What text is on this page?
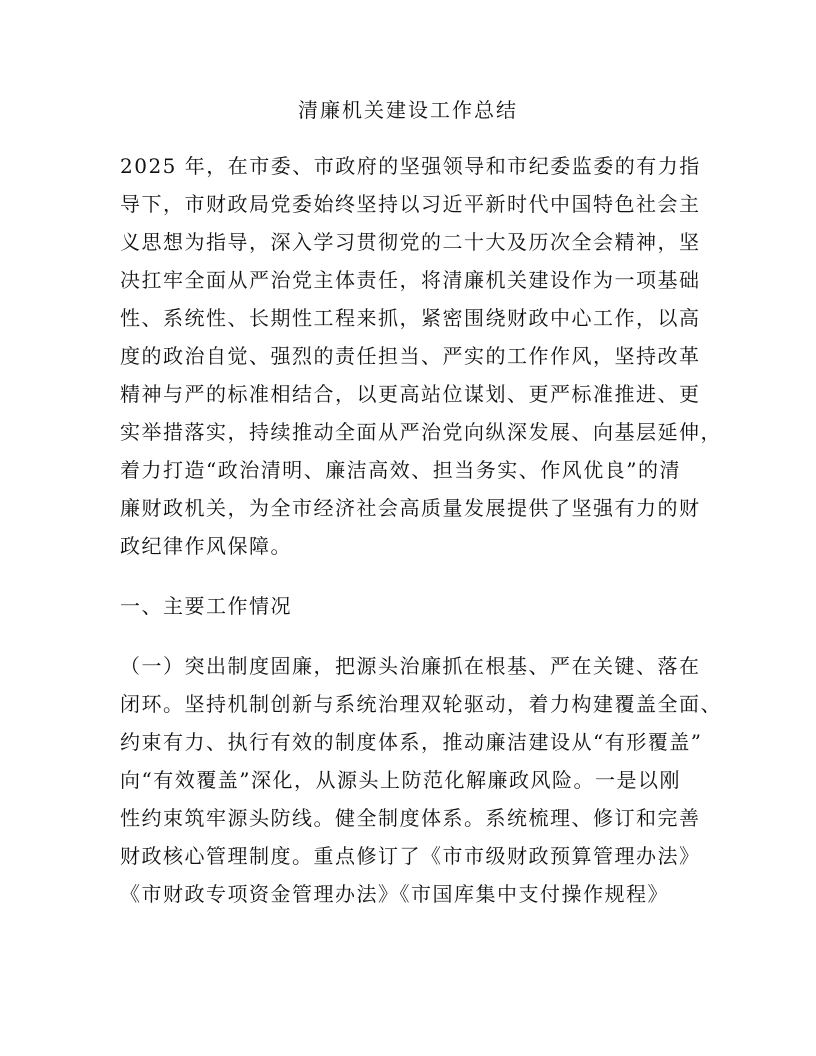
清廉机关建设工作总结
2025 年，在市委、市政府的坚强领导和市纪委监委的有力指
导下，市财政局党委始终坚持以习近平新时代中国特色社会主
义思想为指导，深入学习贯彻党的二十大及历次全会精神，坚
决扛牢全面从严治党主体责任，将清廉机关建设作为一项基础
性、系统性、长期性工程来抓，紧密围绕财政中心工作，以高
度的政治自觉、强烈的责任担当、严实的工作作风，坚持改革
精神与严的标准相结合，以更高站位谋划、更严标准推进、更
实举措落实，持续推动全面从严治党向纵深发展、向基层延伸，
着力打造“政治清明、廉洁高效、担当务实、作风优良”的清
廉财政机关，为全市经济社会高质量发展提供了坚强有力的财
政纪律作风保障。
一、主要工作情况
（一）突出制度固廉，把源头治廉抓在根基、严在关键、落在
闭环。坚持机制创新与系统治理双轮驱动，着力构建覆盖全面、
约束有力、执行有效的制度体系，推动廉洁建设从“有形覆盖”
向“有效覆盖”深化，从源头上防范化解廉政风险。一是以刚
性约束筑牢源头防线。健全制度体系。系统梳理、修订和完善
财政核心管理制度。重点修订了《市市级财政预算管理办法》
《市财政专项资金管理办法》《市国库集中支付操作规程》
